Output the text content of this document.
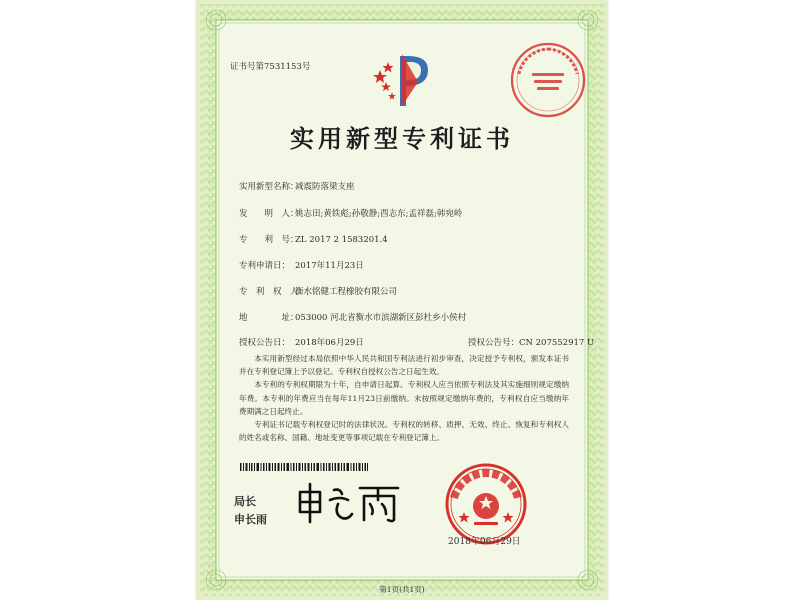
证书号第7531153号
实用新型专利证书
实用新型名称：减震防落梁支座
发　　明　人：姚志田;黄铁彪;孙敬静;酉志东;孟祥磊;韩宛岭
专　　利　号：ZL 2017 2 1583201.4
专利申请日： 2017年11月23日
专　利　权　人：衡水铭健工程橡胶有限公司
地　　　　址：053000 河北省衡水市滨湖新区彭杜乡小侯村
授权公告日： 2018年06月29日	授权公告号：CN 207552917 U

本实用新型经过本局依照中华人民共和国专利法进行初步审查，决定授予专利权，颁发本证书并在专利登记簿上予以登记。专利权自授权公告之日起生效。

本专利的专利权期限为十年，自申请日起算。专利权人应当依照专利法及其实施细则规定缴纳年费。本专利的年费应当在每年11月23日前缴纳。未按照规定缴纳年费的，专利权自应当缴纳年费期满之日起终止。

专利证书记载专利权登记时的法律状况。专利权的转移、质押、无效、终止、恢复和专利权人的姓名或名称、国籍、地址变更等事项记载在专利登记簿上。

局长
申长雨
2018年06月29日
第1页(共1页)
